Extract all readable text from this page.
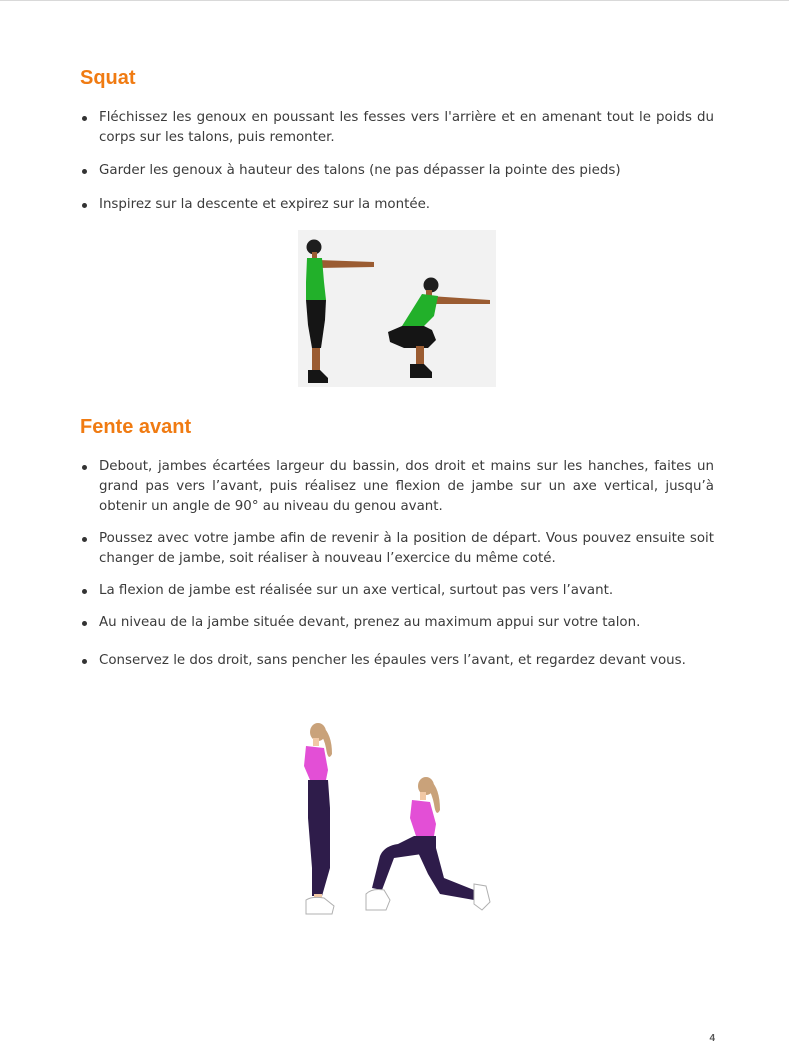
Squat
Fléchissez les genoux en poussant les fesses vers l'arrière et en amenant tout le poids du corps sur les talons, puis remonter.
Garder les genoux à hauteur des talons (ne pas dépasser la pointe des pieds)
Inspirez sur la descente et expirez sur la montée.
Fente avant
Debout, jambes écartées largeur du bassin, dos droit et mains sur les hanches, faites un grand pas vers l’avant, puis réalisez une flexion de jambe sur un axe vertical, jusqu’à obtenir un angle de 90° au niveau du genou avant.
Poussez avec votre jambe afin de revenir à la position de départ. Vous pouvez ensuite soit changer de jambe, soit réaliser à nouveau l’exercice du même coté.
La flexion de jambe est réalisée sur un axe vertical, surtout pas vers l’avant.
Au niveau de la jambe située devant, prenez au maximum appui sur votre talon.
Conservez le dos droit, sans pencher les épaules vers l’avant, et regardez devant vous.
4
